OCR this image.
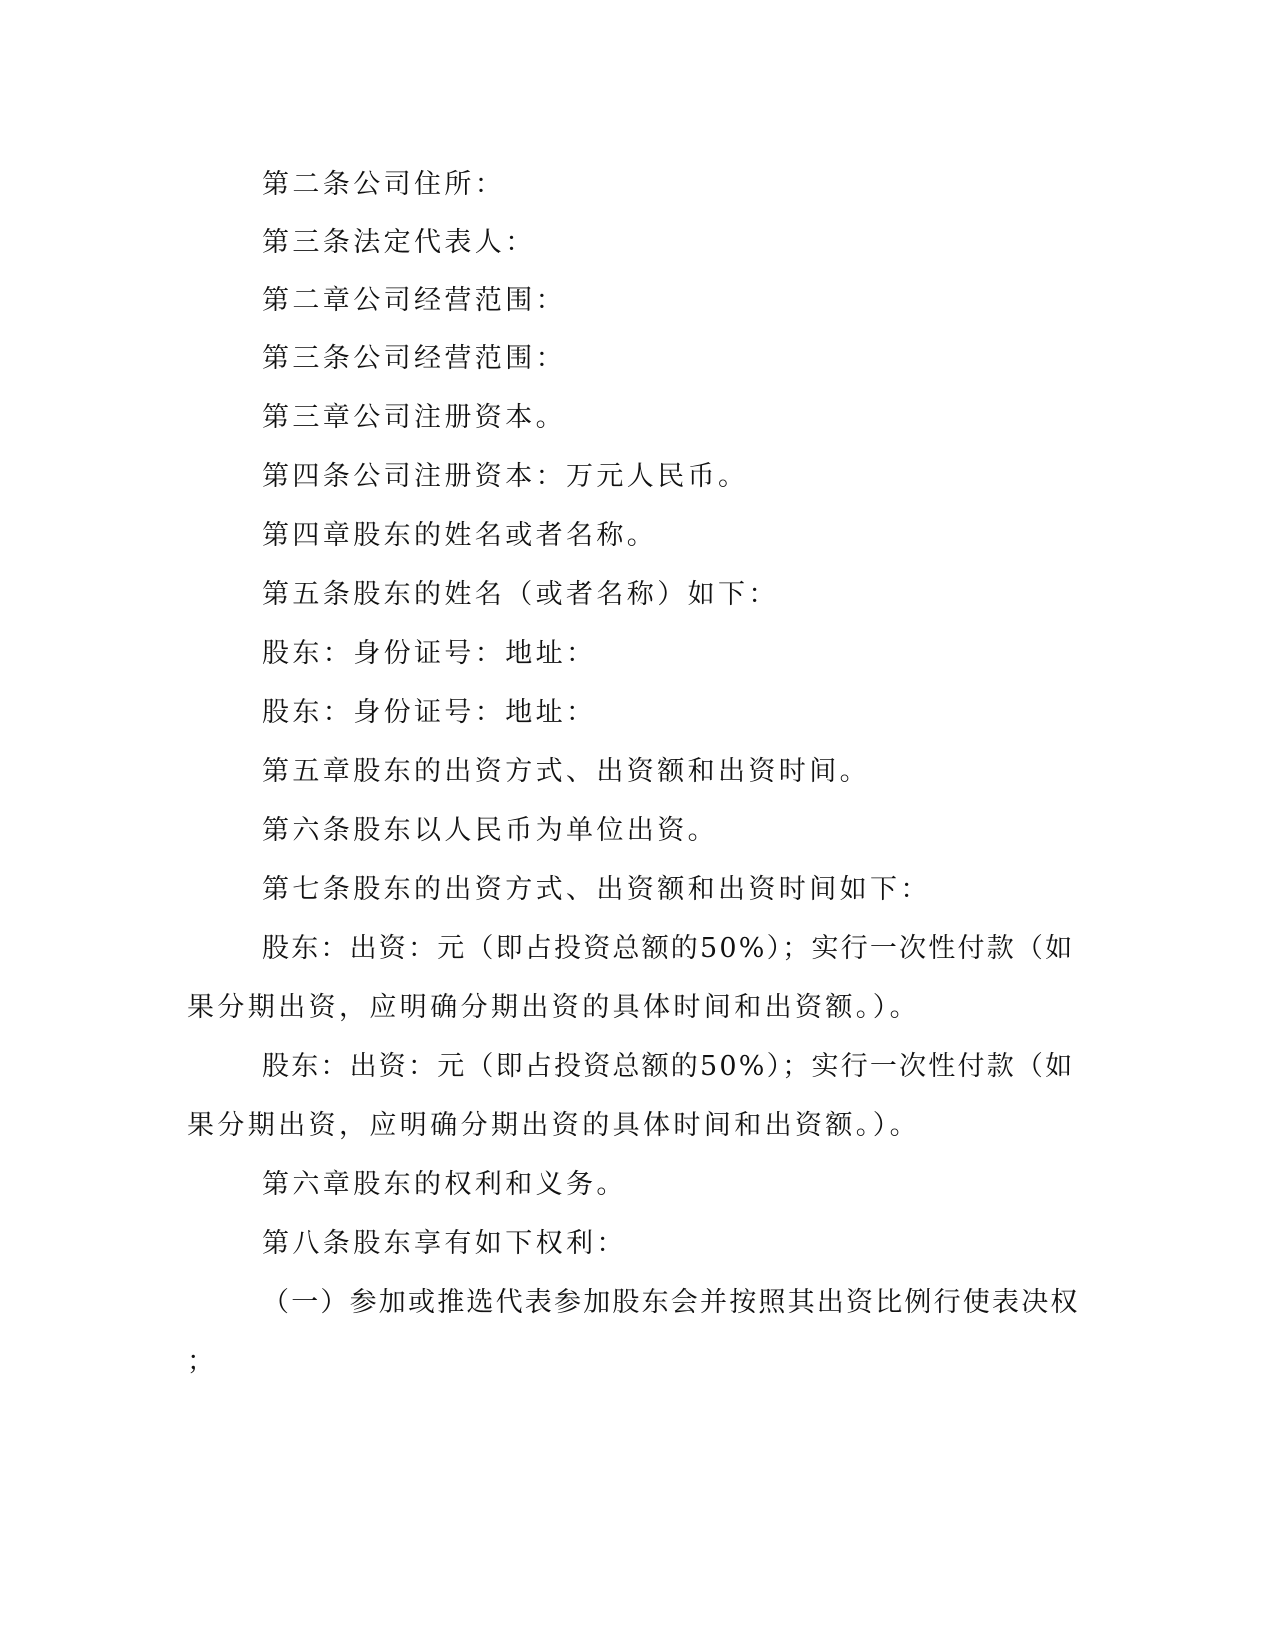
第二条公司住所：
第三条法定代表人：
第二章公司经营范围：
第三条公司经营范围：
第三章公司注册资本。
第四条公司注册资本：万元人民币。
第四章股东的姓名或者名称。
第五条股东的姓名（或者名称）如下：
股东：身份证号：地址：
股东：身份证号：地址：
第五章股东的出资方式、出资额和出资时间。
第六条股东以人民币为单位出资。
第七条股东的出资方式、出资额和出资时间如下：
股东：出资：元（即占投资总额的50%）；实行一次性付款（如
果分期出资，应明确分期出资的具体时间和出资额。）。
股东：出资：元（即占投资总额的50%）；实行一次性付款（如
果分期出资，应明确分期出资的具体时间和出资额。）。
第六章股东的权利和义务。
第八条股东享有如下权利：
（一）参加或推选代表参加股东会并按照其出资比例行使表决权
；
